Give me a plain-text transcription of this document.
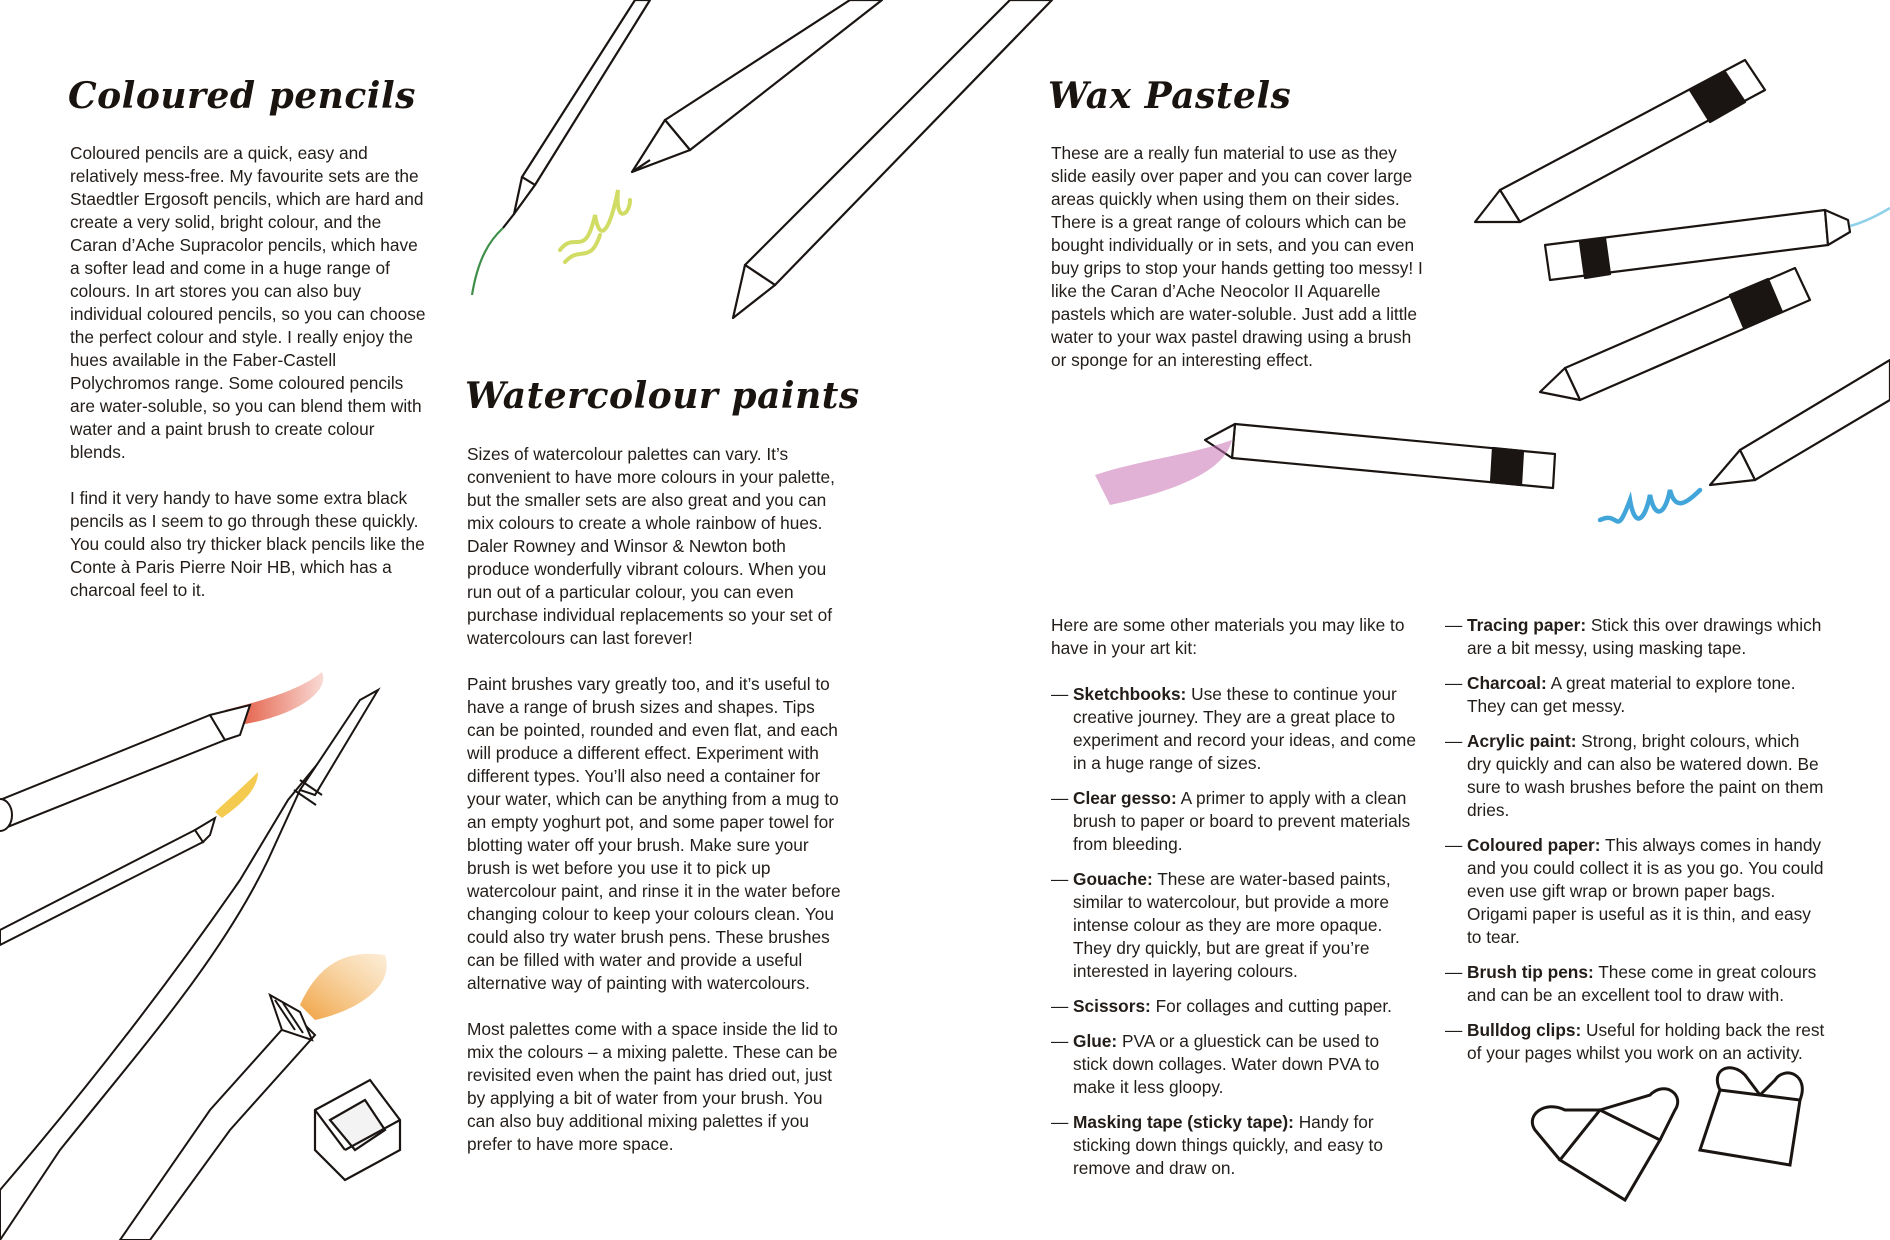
Coloured pencils

Coloured pencils are a quick, easy and relatively mess-free. My favourite sets are the Staedtler Ergosoft pencils, which are hard and create a very solid, bright colour, and the Caran d’Ache Supracolor pencils, which have a softer lead and come in a huge range of colours. In art stores you can also buy individual coloured pencils, so you can choose the perfect colour and style. I really enjoy the hues available in the Faber-Castell Polychromos range. Some coloured pencils are water-soluble, so you can blend them with water and a paint brush to create colour blends.

I find it very handy to have some extra black pencils as I seem to go through these quickly. You could also try thicker black pencils like the Conte à Paris Pierre Noir HB, which has a charcoal feel to it.

Watercolour paints

Sizes of watercolour palettes can vary. It’s convenient to have more colours in your palette, but the smaller sets are also great and you can mix colours to create a whole rainbow of hues. Daler Rowney and Winsor & Newton both produce wonderfully vibrant colours. When you run out of a particular colour, you can even purchase individual replacements so your set of watercolours can last forever!

Paint brushes vary greatly too, and it’s useful to have a range of brush sizes and shapes. Tips can be pointed, rounded and even flat, and each will produce a different effect. Experiment with different types. You’ll also need a container for your water, which can be anything from a mug to an empty yoghurt pot, and some paper towel for blotting water off your brush. Make sure your brush is wet before you use it to pick up watercolour paint, and rinse it in the water before changing colour to keep your colours clean. You could also try water brush pens. These brushes can be filled with water and provide a useful alternative way of painting with watercolours.

Most palettes come with a space inside the lid to mix the colours – a mixing palette. These can be revisited even when the paint has dried out, just by applying a bit of water from your brush. You can also buy additional mixing palettes if you prefer to have more space.

Wax Pastels

These are a really fun material to use as they slide easily over paper and you can cover large areas quickly when using them on their sides. There is a great range of colours which can be bought individually or in sets, and you can even buy grips to stop your hands getting too messy! I like the Caran d’Ache Neocolor II Aquarelle pastels which are water-soluble. Just add a little water to your wax pastel drawing using a brush or sponge for an interesting effect.

Here are some other materials you may like to have in your art kit:

— Sketchbooks: Use these to continue your creative journey. They are a great place to experiment and record your ideas, and come in a huge range of sizes.
— Clear gesso: A primer to apply with a clean brush to paper or board to prevent materials from bleeding.
— Gouache: These are water-based paints, similar to watercolour, but provide a more intense colour as they are more opaque. They dry quickly, but are great if you’re interested in layering colours.
— Scissors: For collages and cutting paper.
— Glue: PVA or a gluestick can be used to stick down collages. Water down PVA to make it less gloopy.
— Masking tape (sticky tape): Handy for sticking down things quickly, and easy to remove and draw on.
— Tracing paper: Stick this over drawings which are a bit messy, using masking tape.
— Charcoal: A great material to explore tone. They can get messy.
— Acrylic paint: Strong, bright colours, which dry quickly and can also be watered down. Be sure to wash brushes before the paint on them dries.
— Coloured paper: This always comes in handy and you could collect it is as you go. You could even use gift wrap or brown paper bags. Origami paper is useful as it is thin, and easy to tear.
— Brush tip pens: These come in great colours and can be an excellent tool to draw with.
— Bulldog clips: Useful for holding back the rest of your pages whilst you work on an activity.
